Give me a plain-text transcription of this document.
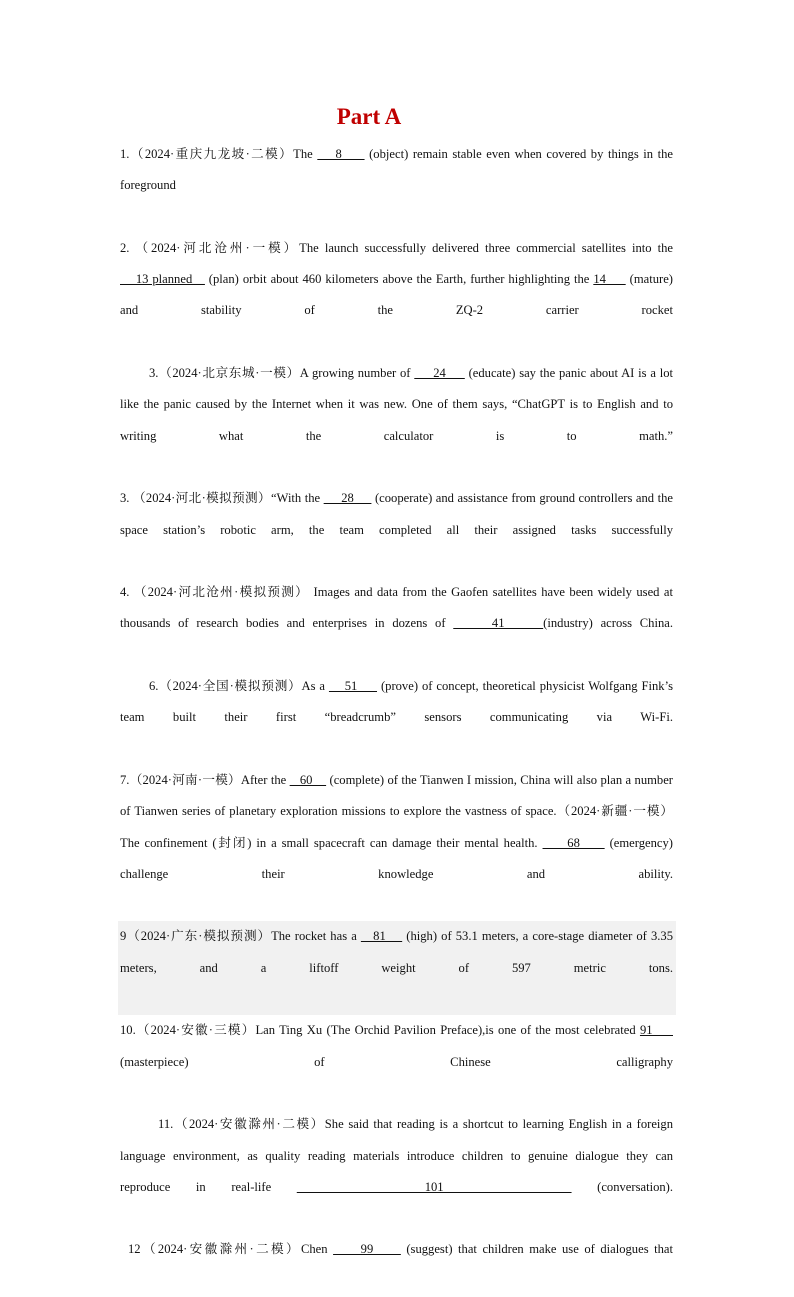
Part A

1.（2024·重庆九龙坡·二模）The     8      (object) remain stable even when covered by things in the foreground

2. （2024·河北沧州·一模）The launch successfully delivered three commercial satellites into the     13 planned__ (plan) orbit about 460 kilometers above the Earth, further highlighting the 14      (mature) and stability of the ZQ-2 carrier rocket

3.（2024·北京东城·一模）A growing number of      24      (educate) say the panic about AI is a lot like the panic caused by the Internet when it was new. One of them says, “ChatGPT is to English and to writing what the calculator is to math.”

3. （2024·河北·模拟预测）“With the      28      (cooperate) and assistance from ground controllers and the space station’s robotic arm, the team completed all their assigned tasks successfully

4. （2024·河北沧州·模拟预测） Images and data from the Gaofen satellites have been widely used at thousands of research bodies and enterprises in dozens of      41     (industry) across China.

6.（2024·全国·模拟预测）As a     51      (prove) of concept, theoretical physicist Wolfgang Fink’s team built their first “breadcrumb” sensors communicating via Wi-Fi.

7.（2024·河南·一模）After the    60     (complete) of the Tianwen I mission, China will also plan a number of Tianwen series of planetary exploration missions to explore the vastness of space.（2024·新疆·一模）The confinement (封闭) in a small spacecraft can damage their mental health.      68      (emergency) challenge their knowledge and ability.

9（2024·广东·模拟预测）The rocket has a    81     (high) of 53.1 meters, a core-stage diameter of 3.35 meters, and a liftoff weight of 597 metric tons.

10.（2024·安徽·三模）Lan Ting Xu (The Orchid Pavilion Preface),is one of the most celebrated 91      (masterpiece) of Chinese calligraphy

11.（2024·安徽滁州·二模）She said that reading is a shortcut to learning English in a foreign language environment, as quality reading materials introduce children to genuine dialogue they can reproduce in real-life      101      (conversation).

12（2024·安徽滁州·二模）Chen      99      (suggest) that children make use of dialogues that
